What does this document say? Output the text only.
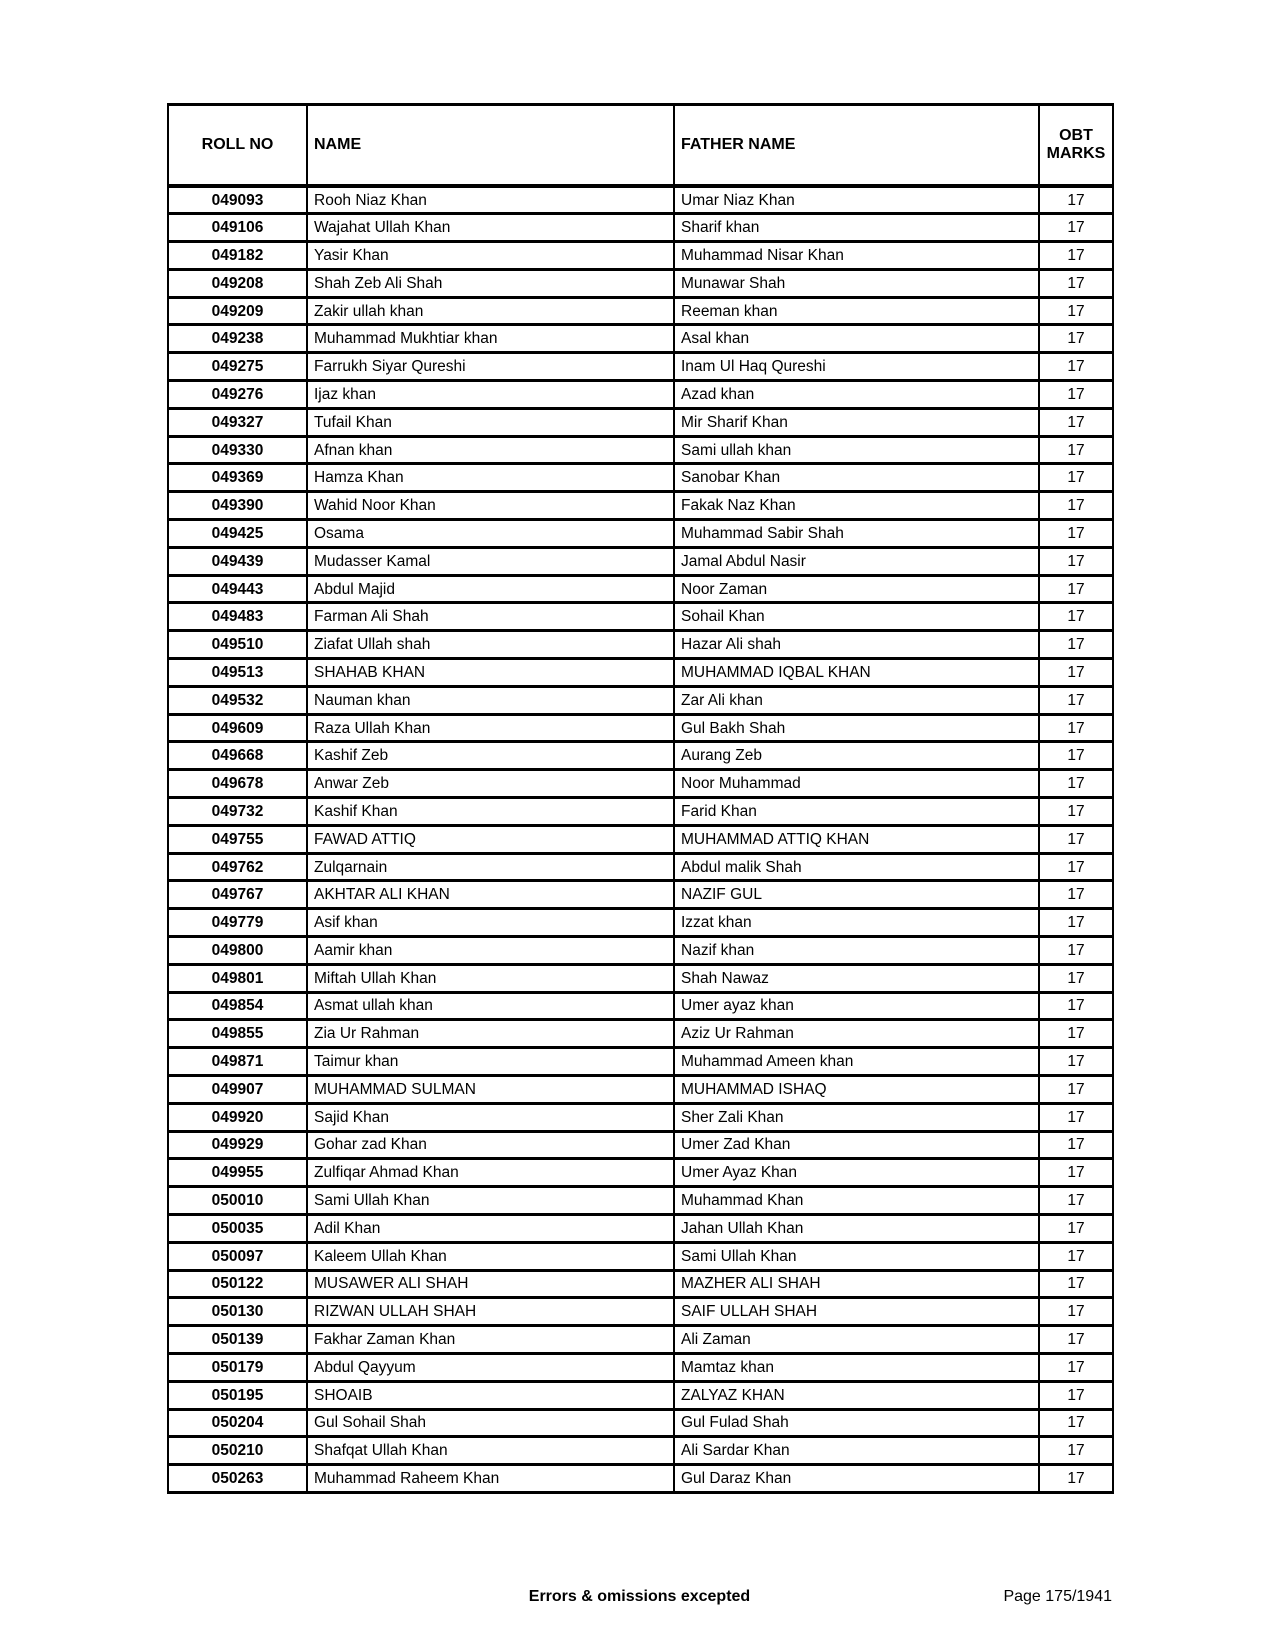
ROLL NO	NAME	FATHER NAME	OBT MARKS
049093	Rooh Niaz Khan	Umar Niaz Khan	17
049106	Wajahat Ullah Khan	Sharif khan	17
049182	Yasir Khan	Muhammad Nisar Khan	17
049208	Shah Zeb Ali Shah	Munawar Shah	17
049209	Zakir ullah khan	Reeman khan	17
049238	Muhammad Mukhtiar khan	Asal khan	17
049275	Farrukh Siyar Qureshi	Inam Ul Haq Qureshi	17
049276	Ijaz khan	Azad khan	17
049327	Tufail Khan	Mir Sharif Khan	17
049330	Afnan khan	Sami ullah khan	17
049369	Hamza Khan	Sanobar Khan	17
049390	Wahid Noor Khan	Fakak Naz Khan	17
049425	Osama	Muhammad Sabir Shah	17
049439	Mudasser Kamal	Jamal Abdul Nasir	17
049443	Abdul Majid	Noor Zaman	17
049483	Farman Ali Shah	Sohail Khan	17
049510	Ziafat Ullah shah	Hazar Ali shah	17
049513	SHAHAB KHAN	MUHAMMAD IQBAL KHAN	17
049532	Nauman khan	Zar Ali khan	17
049609	Raza Ullah Khan	Gul Bakh Shah	17
049668	Kashif Zeb	Aurang Zeb	17
049678	Anwar Zeb	Noor Muhammad	17
049732	Kashif Khan	Farid Khan	17
049755	FAWAD ATTIQ	MUHAMMAD ATTIQ KHAN	17
049762	Zulqarnain	Abdul malik Shah	17
049767	AKHTAR ALI KHAN	NAZIF GUL	17
049779	Asif khan	Izzat khan	17
049800	Aamir khan	Nazif khan	17
049801	Miftah Ullah Khan	Shah Nawaz	17
049854	Asmat ullah khan	Umer ayaz khan	17
049855	Zia Ur Rahman	Aziz Ur Rahman	17
049871	Taimur khan	Muhammad Ameen khan	17
049907	MUHAMMAD SULMAN	MUHAMMAD ISHAQ	17
049920	Sajid Khan	Sher Zali Khan	17
049929	Gohar zad Khan	Umer Zad Khan	17
049955	Zulfiqar Ahmad Khan	Umer Ayaz Khan	17
050010	Sami Ullah Khan	Muhammad Khan	17
050035	Adil Khan	Jahan Ullah Khan	17
050097	Kaleem Ullah Khan	Sami Ullah Khan	17
050122	MUSAWER ALI SHAH	MAZHER ALI SHAH	17
050130	RIZWAN ULLAH SHAH	SAIF ULLAH SHAH	17
050139	Fakhar Zaman Khan	Ali Zaman	17
050179	Abdul Qayyum	Mamtaz khan	17
050195	SHOAIB	ZALYAZ KHAN	17
050204	Gul Sohail Shah	Gul Fulad Shah	17
050210	Shafqat Ullah Khan	Ali Sardar Khan	17
050263	Muhammad Raheem Khan	Gul Daraz Khan	17
Errors & omissions excepted	Page 175/1941
